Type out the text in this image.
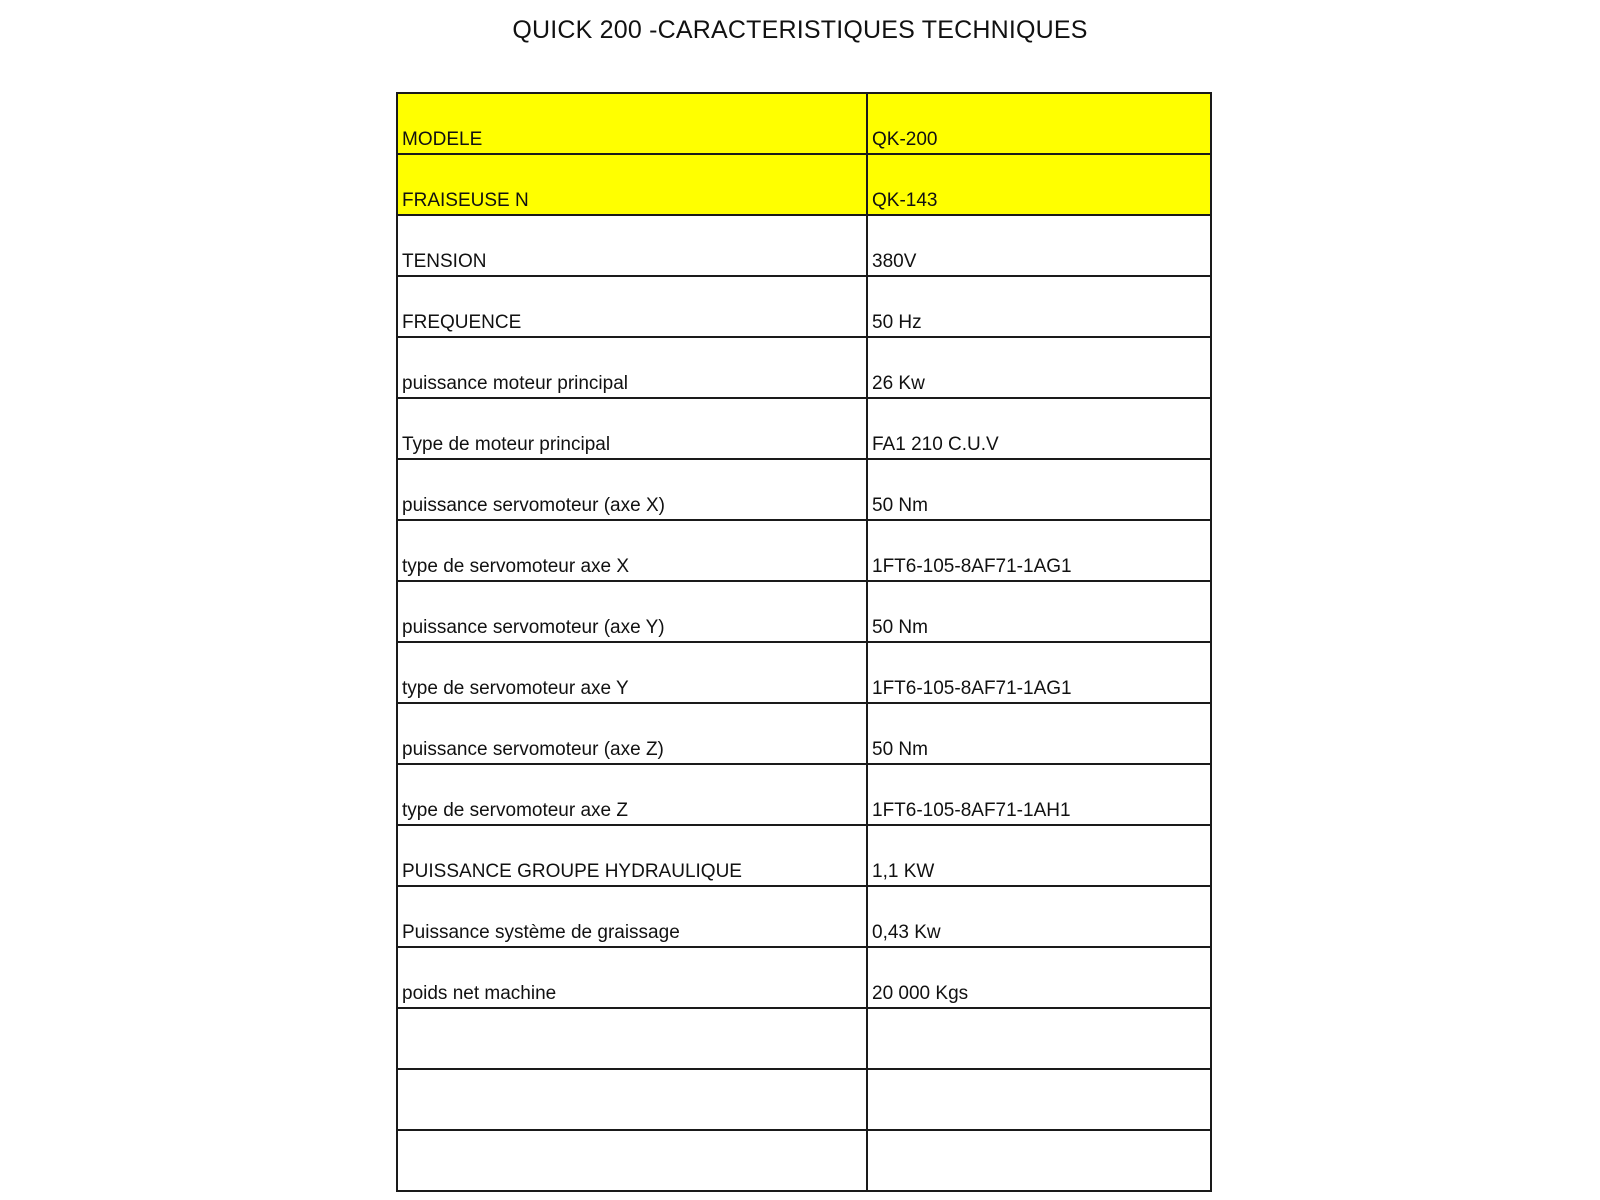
QUICK 200 -CARACTERISTIQUES TECHNIQUES
MODELE	QK-200
FRAISEUSE N	QK-143
TENSION	380V
FREQUENCE	50 Hz
puissance moteur principal	26 Kw
Type de moteur principal	FA1 210 C.U.V
puissance servomoteur (axe X)	50 Nm
type de servomoteur axe X	1FT6-105-8AF71-1AG1
puissance servomoteur (axe Y)	50 Nm
type de servomoteur axe Y	1FT6-105-8AF71-1AG1
puissance servomoteur (axe Z)	50 Nm
type de servomoteur axe Z	1FT6-105-8AF71-1AH1
PUISSANCE GROUPE HYDRAULIQUE	1,1 KW
Puissance système de graissage	0,43 Kw
poids net machine	20 000 Kgs
